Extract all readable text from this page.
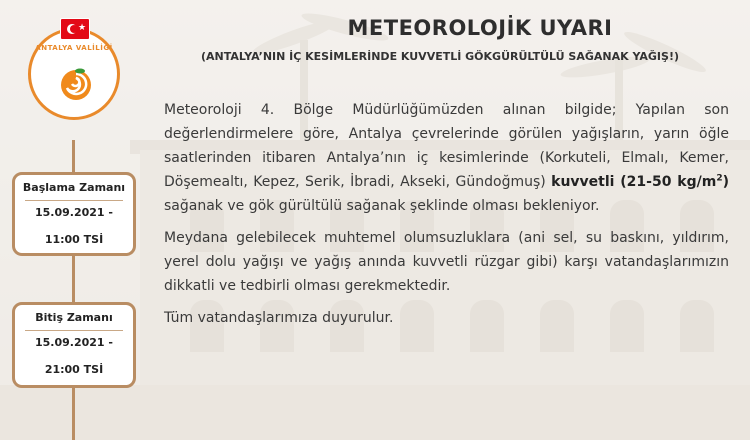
★
ANTALYA VALİLİĞİ
METEOROLOJİK UYARI
(ANTALYA’NIN İÇ KESİMLERİNDE KUVVETLİ GÖKGÜRÜLTÜLÜ SAĞANAK YAĞIŞ!)
Başlama Zamanı
15.09.2021 -
11:00 TSİ
Bitiş Zamanı
15.09.2021 -
21:00 TSİ

Meteoroloji 4. Bölge Müdürlüğümüzden alınan bilgide; Yapılan son değerlendirmelere göre, Antalya çevrelerinde görülen yağışların, yarın öğle saatlerinden itibaren Antalya’nın iç kesimlerinde (Korkuteli, Elmalı, Kemer, Döşemealtı, Kepez, Serik, İbradi, Akseki, Gündoğmuş) kuvvetli (21-50 $kg/m^2$) sağanak ve gök gürültülü sağanak şeklinde olması bekleniyor.

Meydana gelebilecek muhtemel olumsuzluklara (ani sel, su baskını, yıldırım, yerel dolu yağışı ve yağış anında kuvvetli rüzgar gibi) karşı vatandaşlarımızın dikkatli ve tedbirli olması gerekmektedir.

Tüm vatandaşlarımıza duyurulur.
